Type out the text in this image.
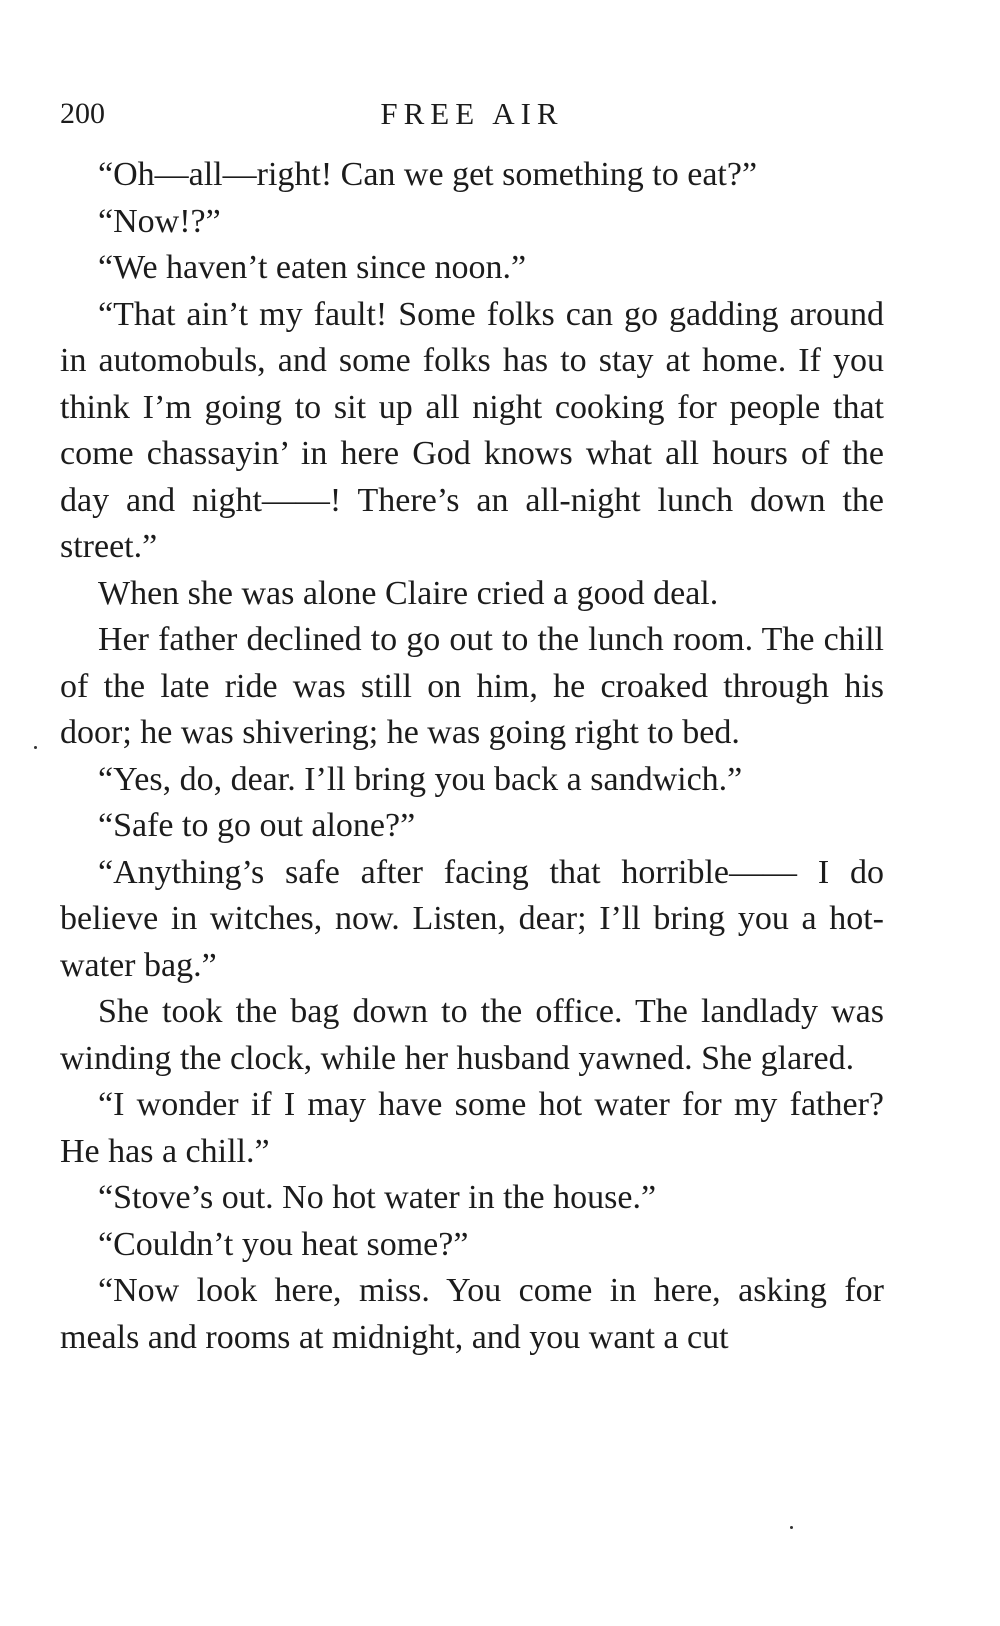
200	FREE AIR

“Oh—all—right! Can we get something to eat?”

“Now!?”

“We haven’t eaten since noon.”

“That ain’t my fault! Some folks can go gadding around in automobuls, and some folks has to stay at home. If you think I’m going to sit up all night cooking for people that come chassayin’ in here God knows what all hours of the day and night——! There’s an all-night lunch down the street.”

When she was alone Claire cried a good deal.

Her father declined to go out to the lunch room. The chill of the late ride was still on him, he croaked through his door; he was shivering; he was going right to bed.

“Yes, do, dear. I’ll bring you back a sandwich.”

“Safe to go out alone?”

“Anything’s safe after facing that horrible—— I do believe in witches, now. Listen, dear; I’ll bring you a hot-water bag.”

She took the bag down to the office. The landlady was winding the clock, while her husband yawned. She glared.

“I wonder if I may have some hot water for my father? He has a chill.”

“Stove’s out. No hot water in the house.”

“Couldn’t you heat some?”

“Now look here, miss. You come in here, asking for meals and rooms at midnight, and you want a cut
